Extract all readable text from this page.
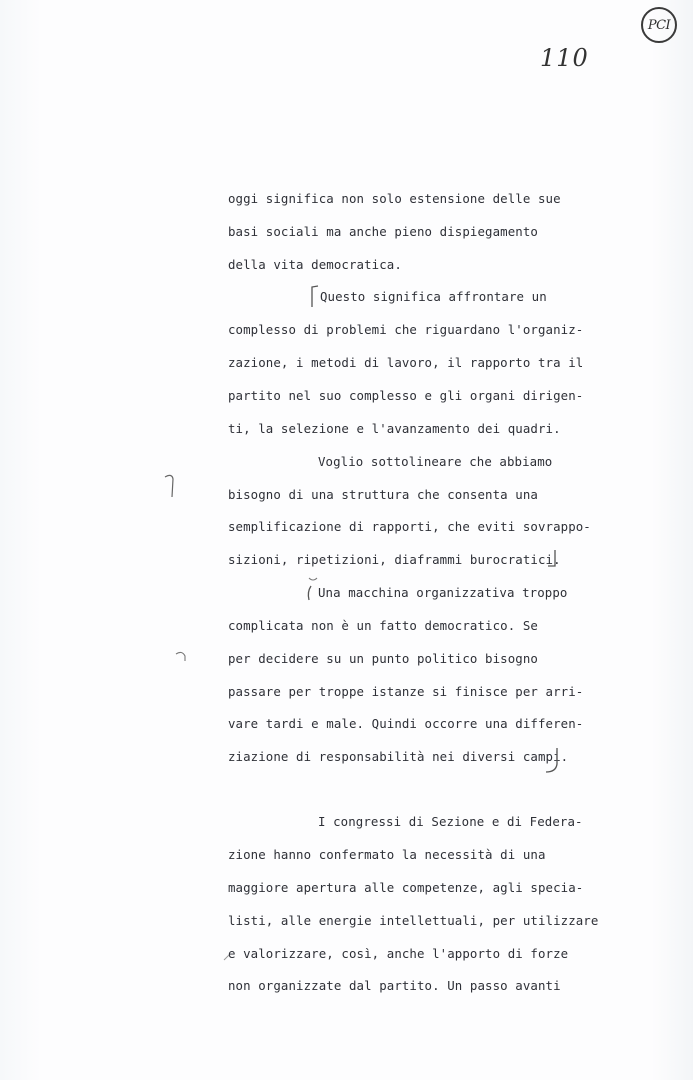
PCI
110
oggi significa non solo estensione delle sue
basi sociali ma anche pieno dispiegamento
della vita democratica.
Questo significa affrontare un
complesso di problemi che riguardano l'organiz-
zazione, i metodi di lavoro, il rapporto tra il
partito nel suo complesso e gli organi dirigen-
ti, la selezione e l'avanzamento dei quadri.
Voglio sottolineare che abbiamo
bisogno di una struttura che consenta una
semplificazione di rapporti, che eviti sovrappo-
sizioni, ripetizioni, diaframmi burocratici.
Una macchina organizzativa troppo
complicata non è un fatto democratico. Se
per decidere su un punto politico bisogno
passare per troppe istanze si finisce per arri-
vare tardi e male. Quindi occorre una differen-
ziazione di responsabilità nei diversi campi.
I congressi di Sezione e di Federa-
zione hanno confermato la necessità di una
maggiore apertura alle competenze, agli specia-
listi, alle energie intellettuali, per utilizzare
e valorizzare, così, anche l'apporto di forze
non organizzate dal partito. Un passo avanti
